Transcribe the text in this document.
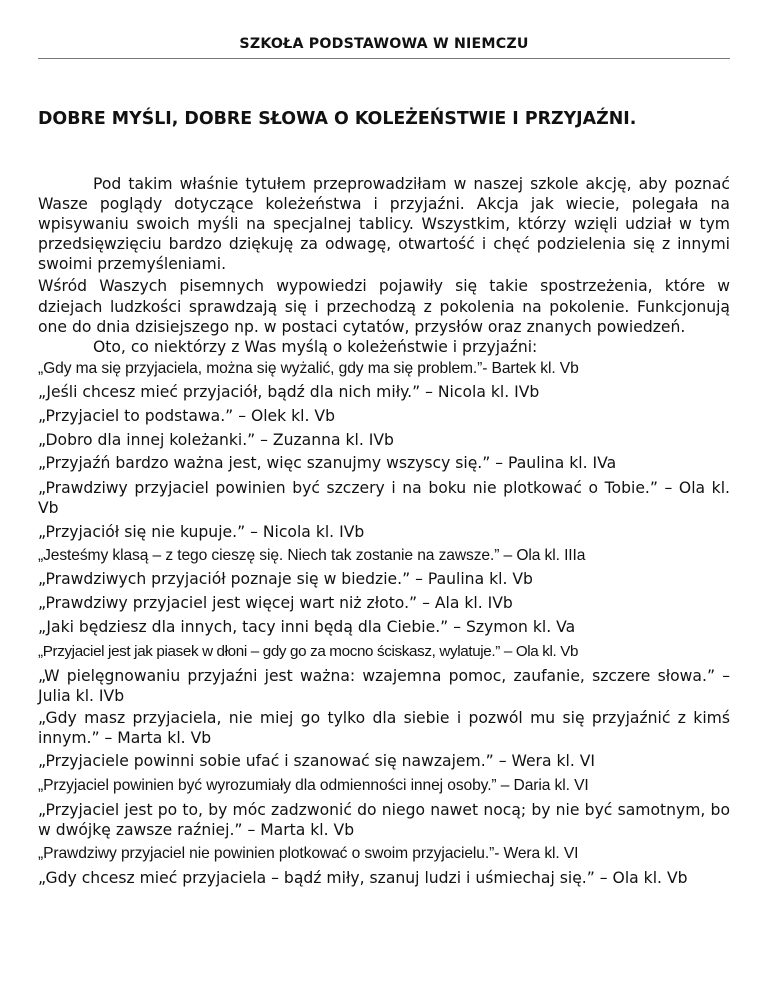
SZKOŁA PODSTAWOWA W NIEMCZU
DOBRE MYŚLI, DOBRE SŁOWA O KOLEŻEŃSTWIE I PRZYJAŹNI.

Pod takim właśnie tytułem przeprowadziłam w naszej szkole akcję, aby poznać Wasze poglądy dotyczące koleżeństwa i przyjaźni. Akcja jak wiecie, polegała na wpisywaniu swoich myśli na specjalnej tablicy. Wszystkim, którzy wzięli udział w tym przedsięwzięciu bardzo dziękuję za odwagę, otwartość i chęć podzielenia się z innymi swoimi przemyśleniami.

Wśród Waszych pisemnych wypowiedzi pojawiły się takie spostrzeżenia, które w dziejach ludzkości sprawdzają się i przechodzą z pokolenia na pokolenie. Funkcjonują one do dnia dzisiejszego np. w postaci cytatów, przysłów oraz znanych powiedzeń.

Oto, co niektórzy z Was myślą o koleżeństwie i przyjaźni:

„Gdy ma się przyjaciela, można się wyżalić, gdy ma się problem.”- Bartek kl. Vb

„Jeśli chcesz mieć przyjaciół, bądź dla nich miły.” – Nicola kl. IVb

„Przyjaciel to podstawa.” – Olek kl. Vb

„Dobro dla innej koleżanki.” – Zuzanna kl. IVb

„Przyjaźń bardzo ważna jest, więc szanujmy wszyscy się.” – Paulina kl. IVa

„Prawdziwy przyjaciel powinien być szczery i na boku nie plotkować o Tobie.” – Ola kl. Vb

„Przyjaciół się nie kupuje.” – Nicola kl. IVb

„Jesteśmy klasą – z tego cieszę się. Niech tak zostanie na zawsze.” – Ola kl. IIIa

„Prawdziwych przyjaciół poznaje się w biedzie.” – Paulina kl. Vb

„Prawdziwy przyjaciel jest więcej wart niż złoto.” – Ala kl. IVb

„Jaki będziesz dla innych, tacy inni będą dla Ciebie.” – Szymon kl. Va

„Przyjaciel jest jak piasek w dłoni – gdy go za mocno ściskasz, wylatuje.” – Ola kl. Vb

„W pielęgnowaniu przyjaźni jest ważna: wzajemna pomoc, zaufanie, szczere słowa.” – Julia kl. IVb

„Gdy masz przyjaciela, nie miej go tylko dla siebie i pozwól mu się przyjaźnić z kimś innym.” – Marta kl. Vb

„Przyjaciele powinni sobie ufać i szanować się nawzajem.” – Wera kl. VI

„Przyjaciel powinien być wyrozumiały dla odmienności innej osoby.” – Daria kl. VI

„Przyjaciel jest po to, by móc zadzwonić do niego nawet nocą; by nie być samotnym, bo w dwójkę zawsze raźniej.” – Marta kl. Vb

„Prawdziwy przyjaciel nie powinien plotkować o swoim przyjacielu.”- Wera kl. VI

„Gdy chcesz mieć przyjaciela – bądź miły, szanuj ludzi i uśmiechaj się.” – Ola kl. Vb
